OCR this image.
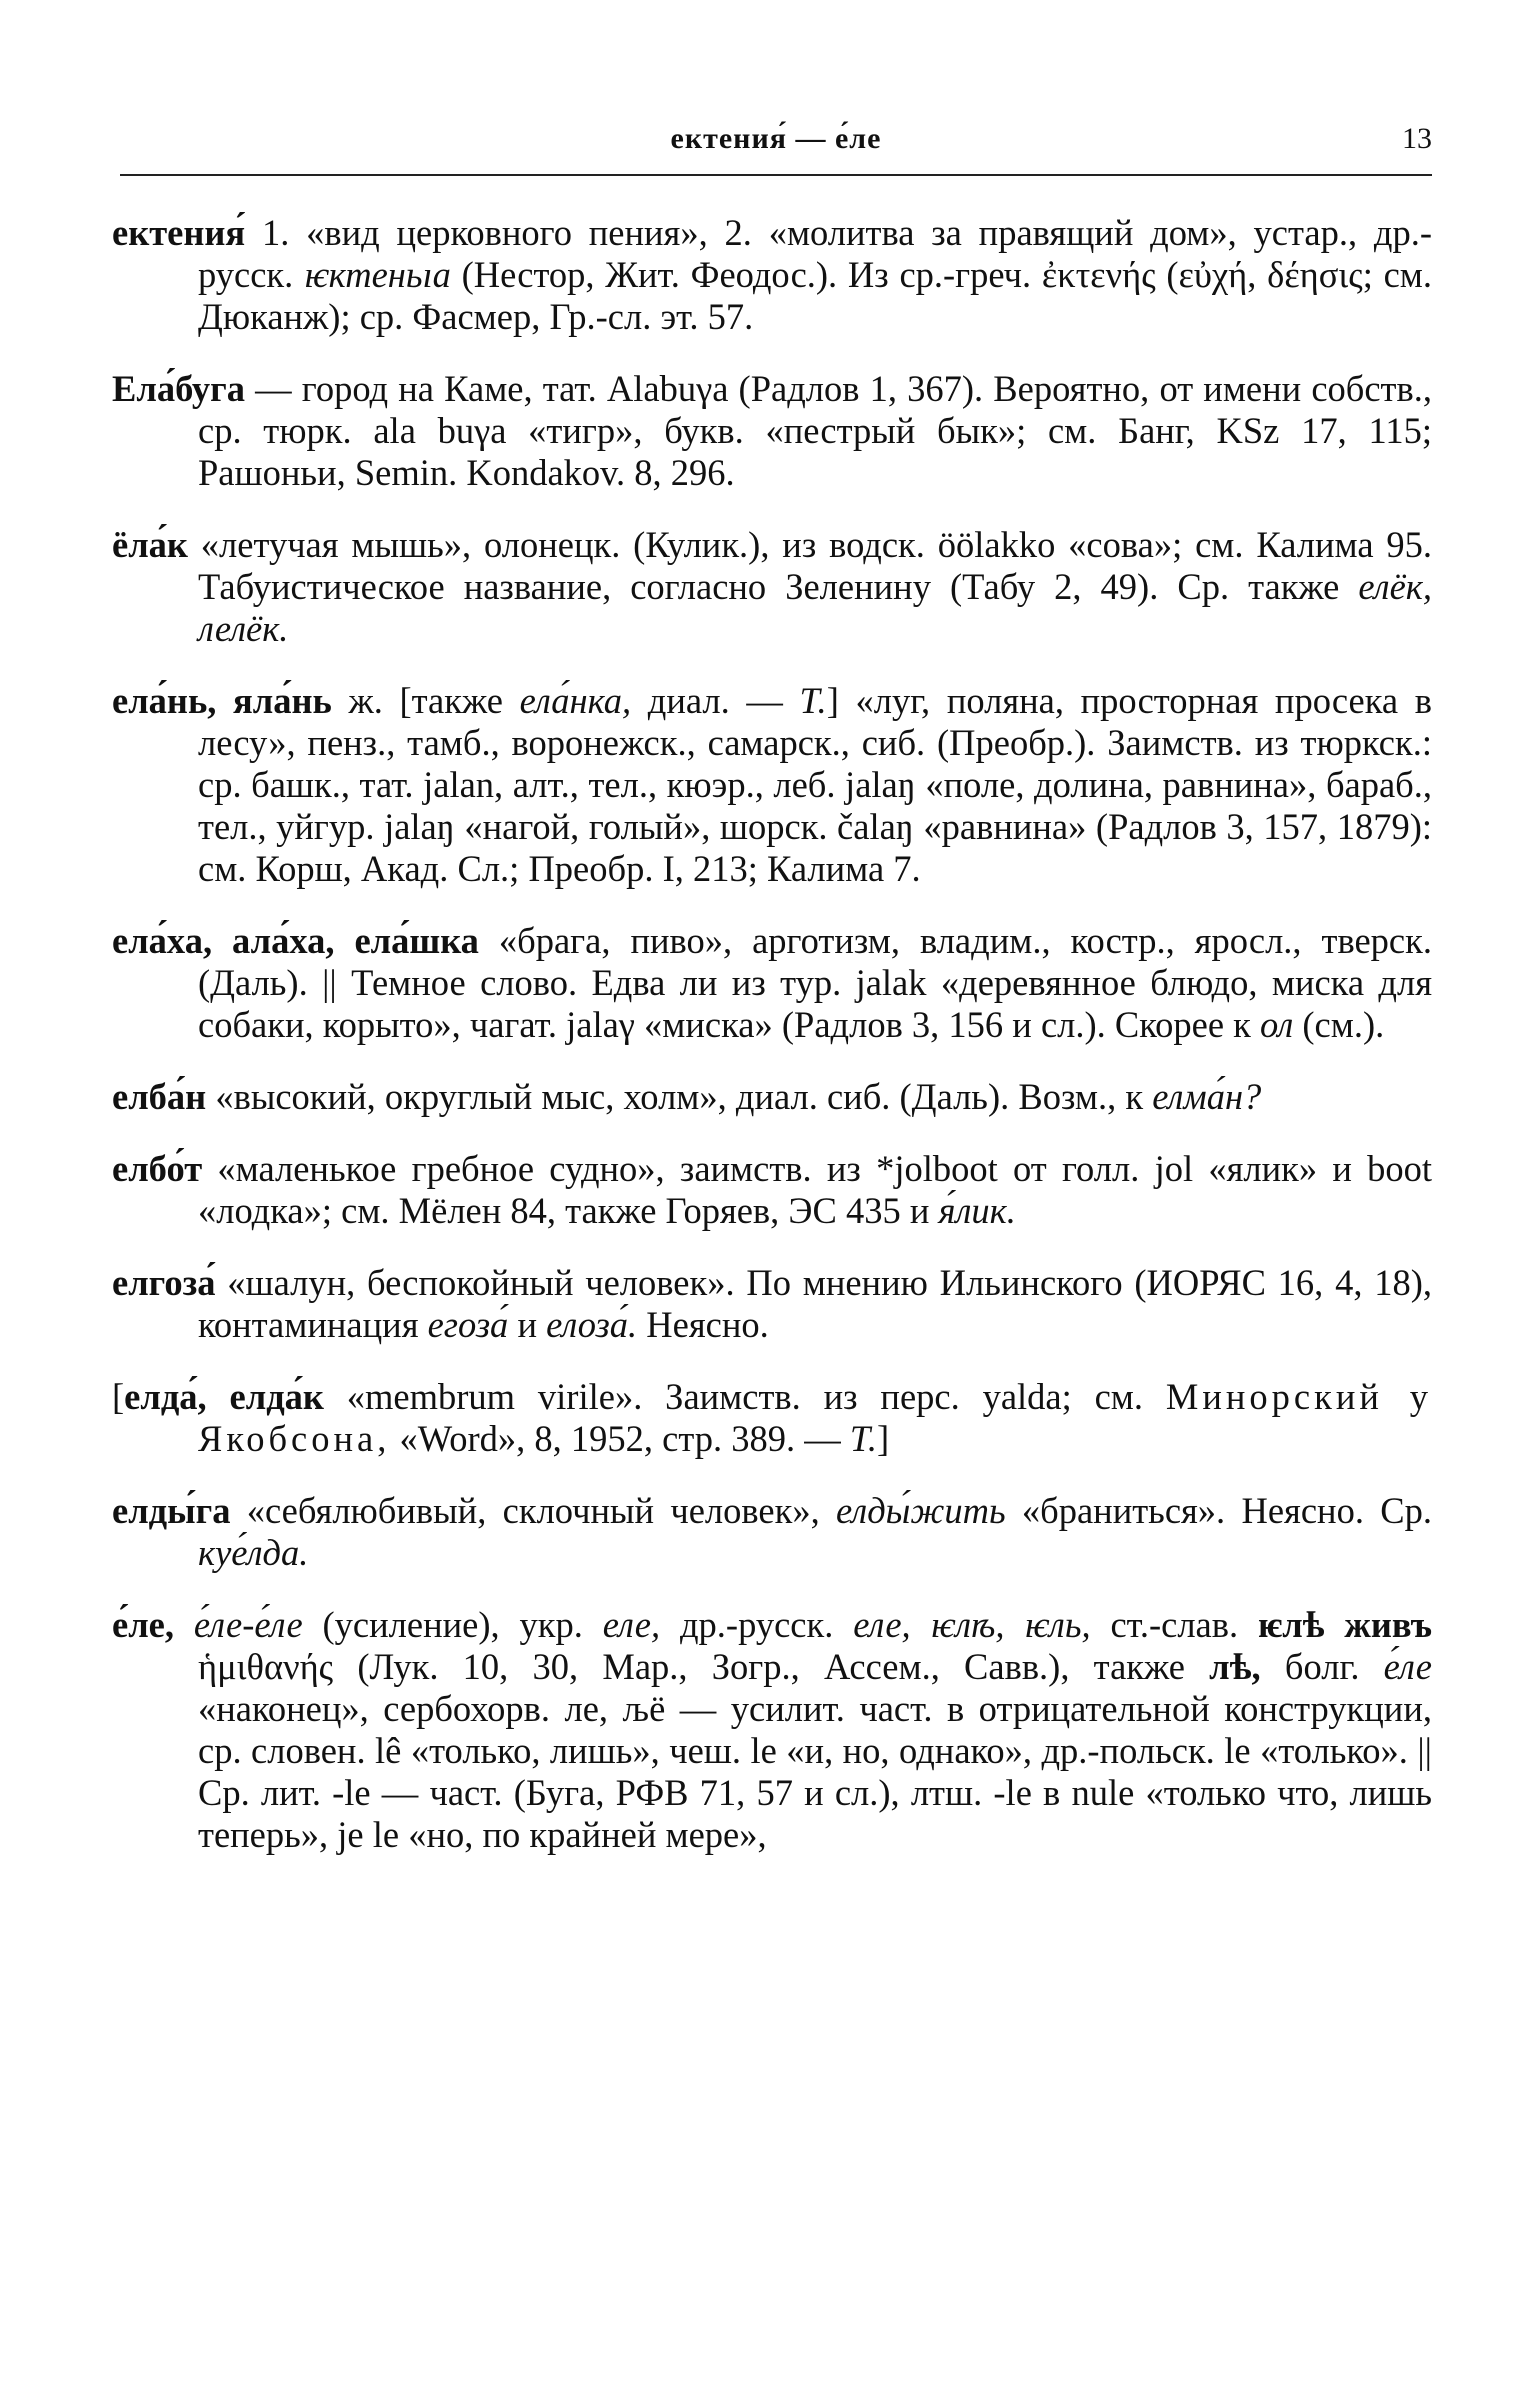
ектения́ — е́ле	13

ектения́ 1. «вид церковного пения», 2. «молитва за правящий дом», устар., др.-русск. ѥктеньıа (Нестор, Жит. Феодос.). Из ср.-греч. ἐκτενής (εὐχή, δέησις; см. Дюканж); ср. Фасмер, Гр.-сл. эт. 57.

Ела́буга — город на Каме, тат. Alabuγa (Радлов 1, 367). Вероятно, от имени собств., ср. тюрк. ala buγa «тигр», букв. «пестрый бык»; см. Банг, KSz 17, 115; Рашоньи, Semin. Kondakov. 8, 296.

ёла́к «летучая мышь», олонецк. (Кулик.), из водск. öölakko «сова»; см. Калима 95. Табуистическое название, согласно Зеленину (Табу 2, 49). Ср. также елёк, лелёк.

ела́нь, яла́нь ж. [также ела́нка, диал. — Т.] «луг, поляна, просторная просека в лесу», пенз., тамб., воронежск., самарск., сиб. (Преобр.). Заимств. из тюркск.: ср. башк., тат. jalan, алт., тел., кюэр., леб. jalaŋ «поле, долина, равнина», бараб., тел., уйгур. jalaŋ «нагой, голый», шорск. čalaŋ «равнина» (Радлов 3, 157, 1879): см. Корш, Акад. Сл.; Преобр. I, 213; Калима 7.

ела́ха, ала́ха, ела́шка «брага, пиво», арготизм, владим., костр., яросл., тверск. (Даль). || Темное слово. Едва ли из тур. jalak «деревянное блюдо, миска для собаки, корыто», чагат. jalaγ «миска» (Радлов 3, 156 и сл.). Скорее к ол (см.).

елба́н «высокий, округлый мыс, холм», диал. сиб. (Даль). Возм., к елма́н?

елбо́т «маленькое гребное судно», заимств. из *jolboot от голл. jol «ялик» и boot «лодка»; см. Мёлен 84, также Горяев, ЭС 435 и я́лик.

елгоза́ «шалун, беспокойный человек». По мнению Ильинского (ИОРЯС 16, 4, 18), контаминация егоза́ и елоза́. Неясно.

[елда́, елда́к «membrum virile». Заимств. из перс. yalda; см. Минорский у Якобсона, «Word», 8, 1952, стр. 389. — Т.]

елды́га «себялюбивый, склочный человек», елды́жить «браниться». Неясно. Ср. куе́лда.

е́ле, е́ле-е́ле (усиление), укр. еле, др.-русск. еле, ѥлѣ, ѥль, ст.-слав. ѥлѣ живъ ἡμιθανής (Лук. 10, 30, Мар., Зогр., Ассем., Савв.), также лѣ, болг. е́ле «наконец», сербохорв. ле, љё — усилит. част. в отрицательной конструкции, ср. словен. lê «только, лишь», чеш. le «и, но, однако», др.-польск. le «только». || Ср. лит. -le — част. (Буга, РФВ 71, 57 и сл.), лтш. -le в nule «только что, лишь теперь», je le «но, по крайней мере»,
